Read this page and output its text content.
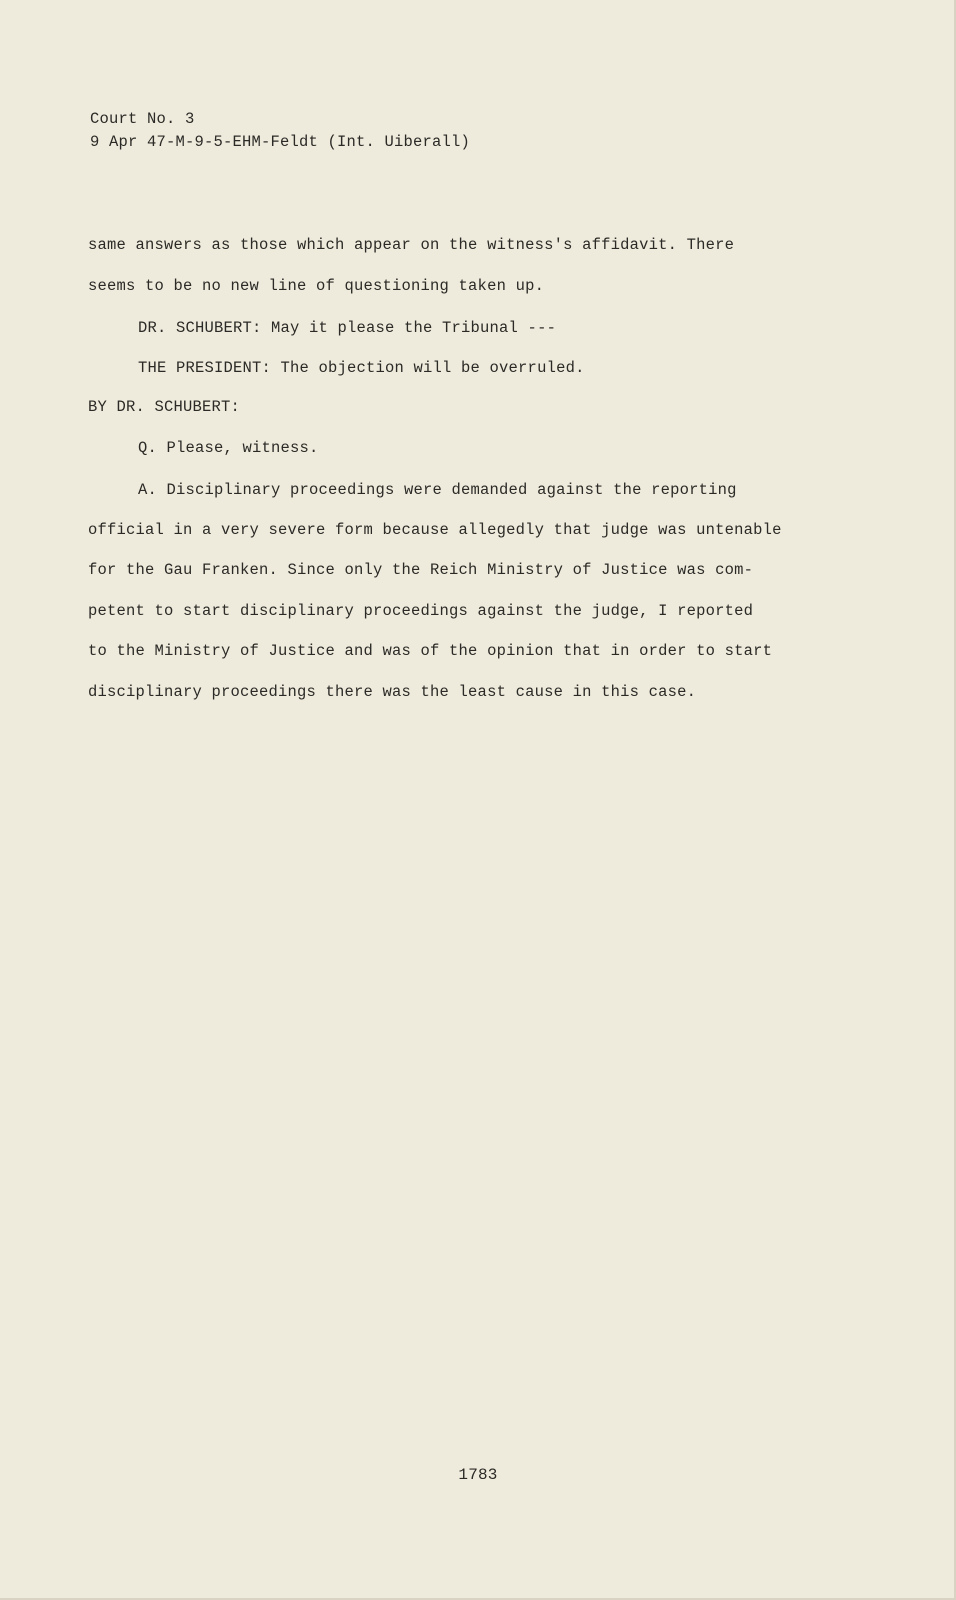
Court No. 3
9 Apr 47-M-9-5-EHM-Feldt (Int. Uiberall)
same answers as those which appear on the witness's affidavit. There
seems to be no new line of questioning taken up.
DR. SCHUBERT: May it please the Tribunal ---
THE PRESIDENT: The objection will be overruled.
BY DR. SCHUBERT:
Q. Please, witness.
A. Disciplinary proceedings were demanded against the reporting
official in a very severe form because allegedly that judge was untenable
for the Gau Franken. Since only the Reich Ministry of Justice was com-
petent to start disciplinary proceedings against the judge, I reported
to the Ministry of Justice and was of the opinion that in order to start
disciplinary proceedings there was the least cause in this case.
1783
